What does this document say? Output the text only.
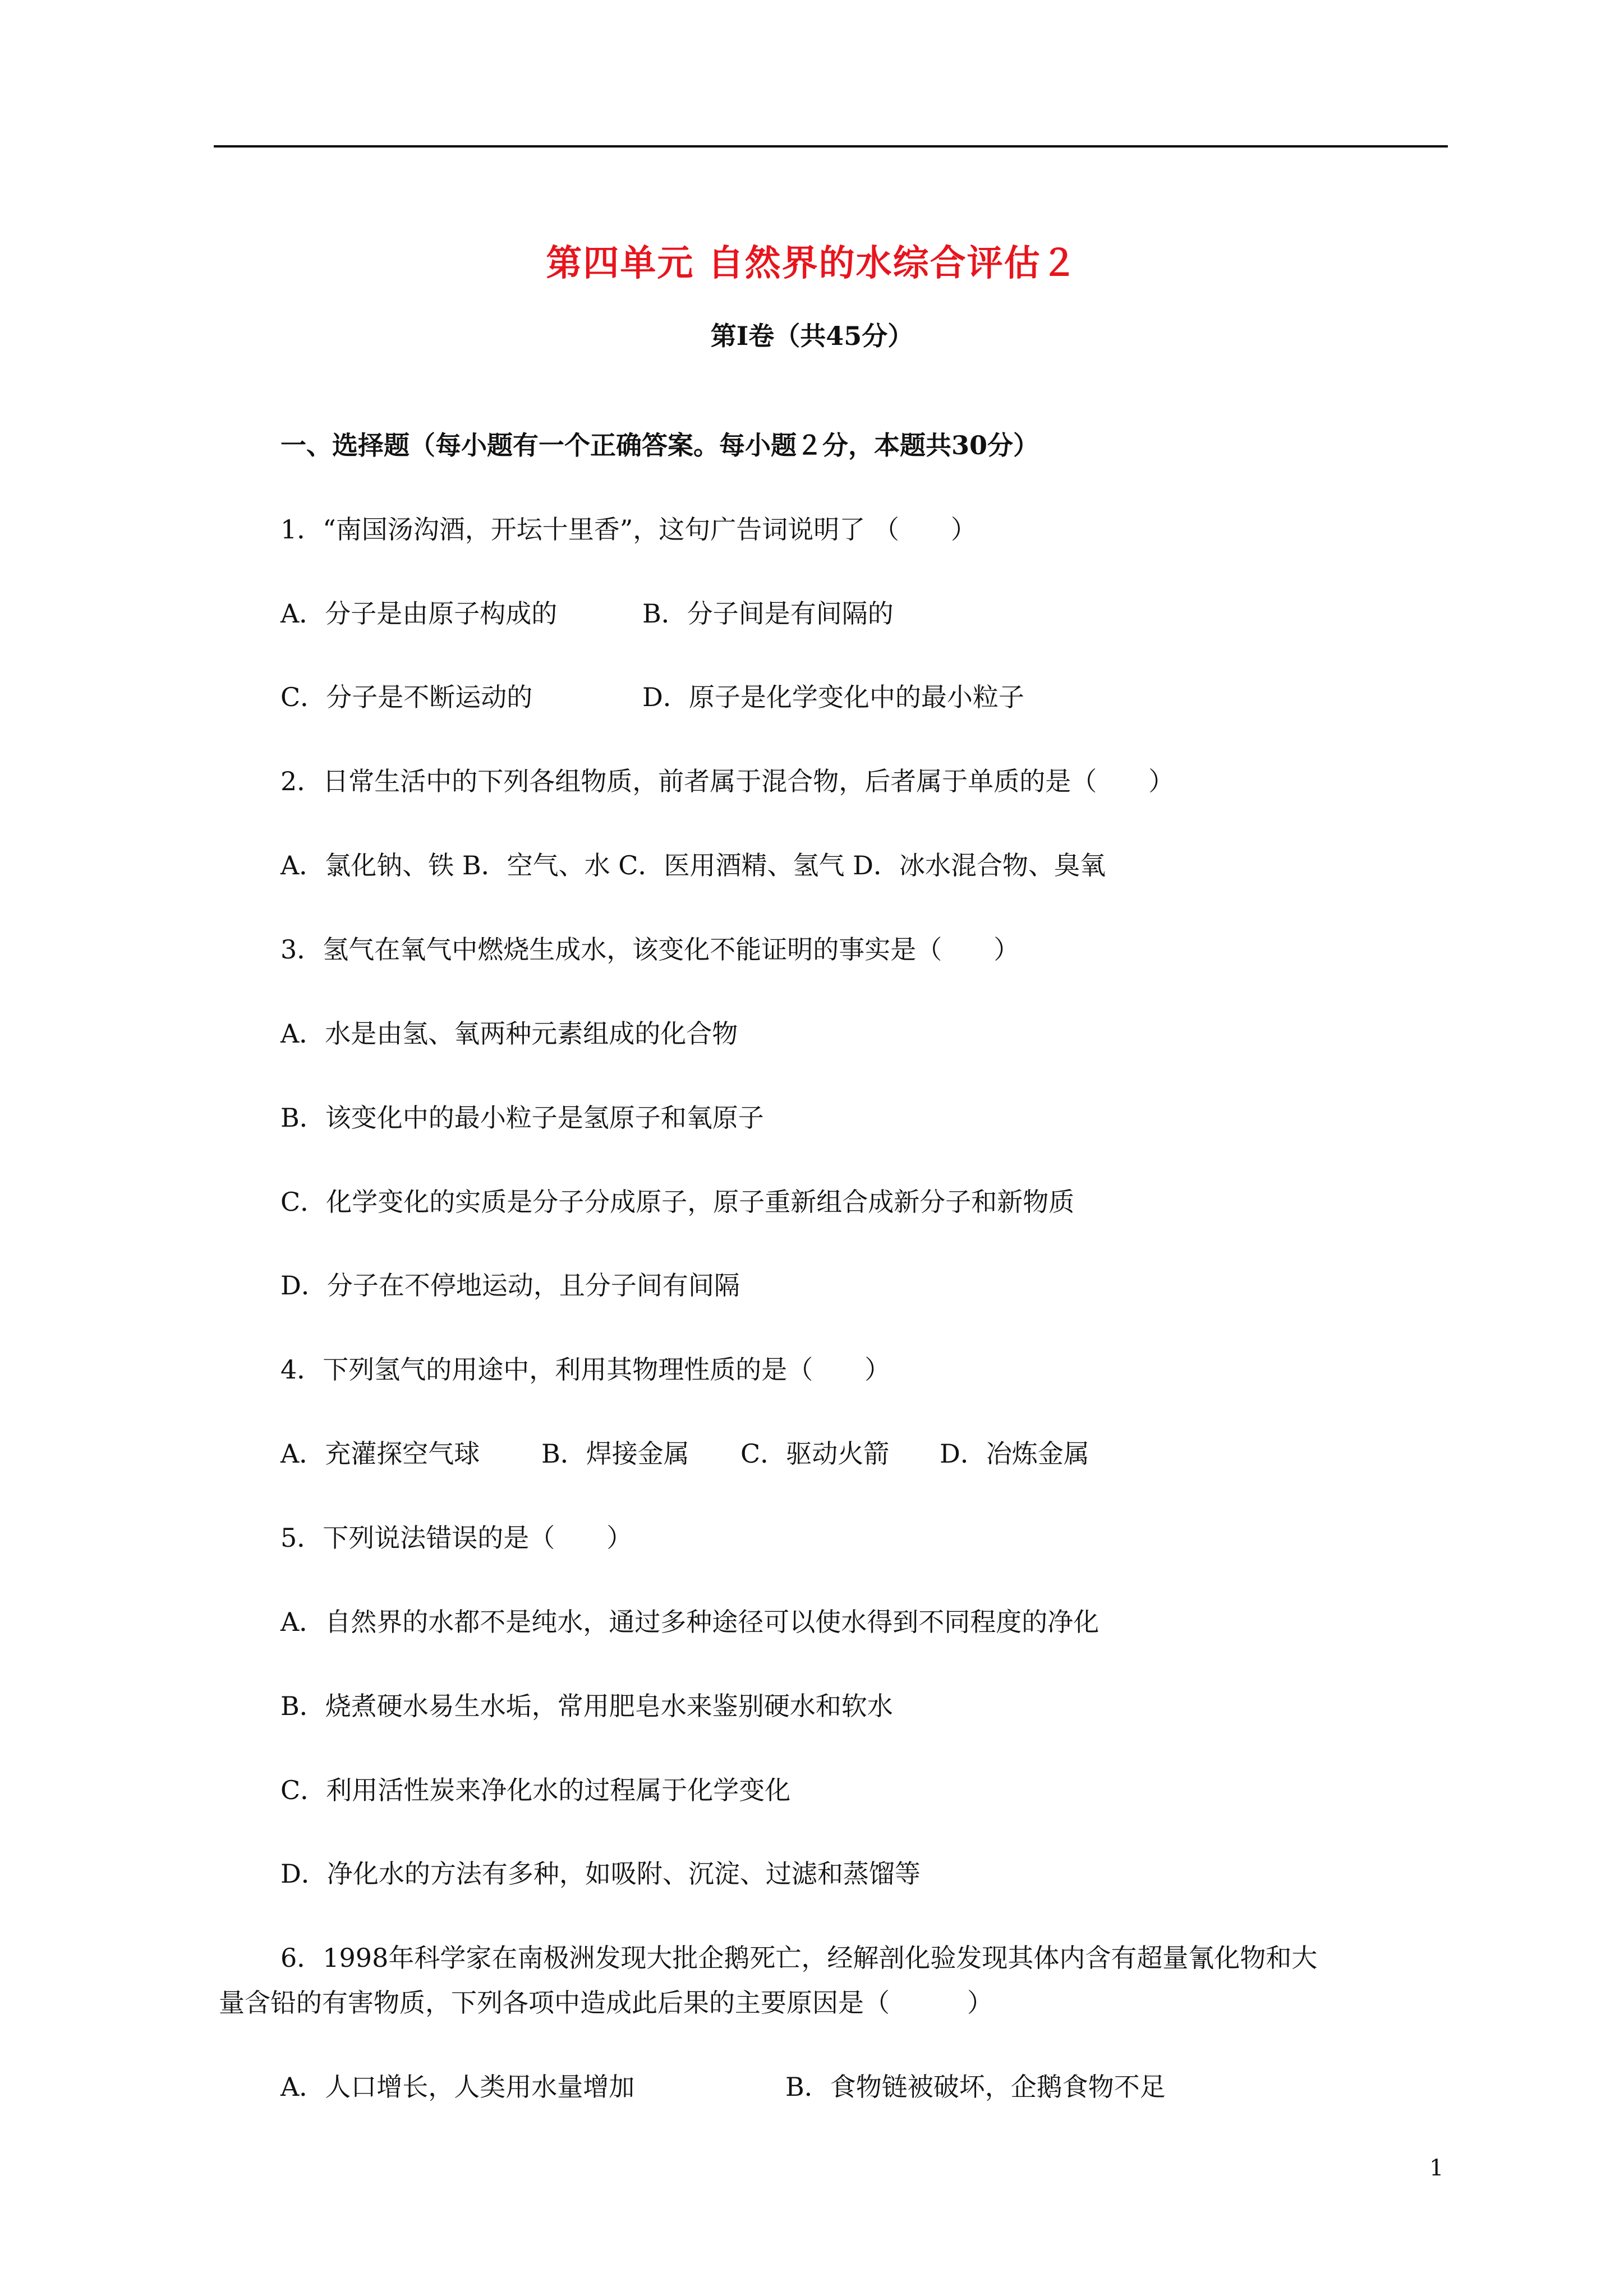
第四单元 自然界的水综合评估２
第Ⅰ卷（共45分）
一、选择题（每小题有一个正确答案。每小题２分，本题共30分）
1．“南国汤沟酒，开坛十里香”，这句广告词说明了 （　　）
A．分子是由原子构成的	B．分子间是有间隔的
C．分子是不断运动的	D．原子是化学变化中的最小粒子
2．日常生活中的下列各组物质，前者属于混合物，后者属于单质的是（　　）
A．氯化钠、铁 B．空气、水 C．医用酒精、氢气 D．冰水混合物、臭氧
3．氢气在氧气中燃烧生成水，该变化不能证明的事实是（　　）
A．水是由氢、氧两种元素组成的化合物
B．该变化中的最小粒子是氢原子和氧原子
C．化学变化的实质是分子分成原子，原子重新组合成新分子和新物质
D．分子在不停地运动，且分子间有间隔
4．下列氢气的用途中，利用其物理性质的是（　　）
A．充灌探空气球 B．焊接金属 C．驱动火箭 D．冶炼金属
5．下列说法错误的是（　　）
A．自然界的水都不是纯水，通过多种途径可以使水得到不同程度的净化
B．烧煮硬水易生水垢，常用肥皂水来鉴别硬水和软水
C．利用活性炭来净化水的过程属于化学变化
D．净化水的方法有多种，如吸附、沉淀、过滤和蒸馏等
6．1998年科学家在南极洲发现大批企鹅死亡，经解剖化验发现其体内含有超量氰化物和大
量含铅的有害物质，下列各项中造成此后果的主要原因是（　　　）
A．人口增长，人类用水量增加	B．食物链被破坏，企鹅食物不足
1
